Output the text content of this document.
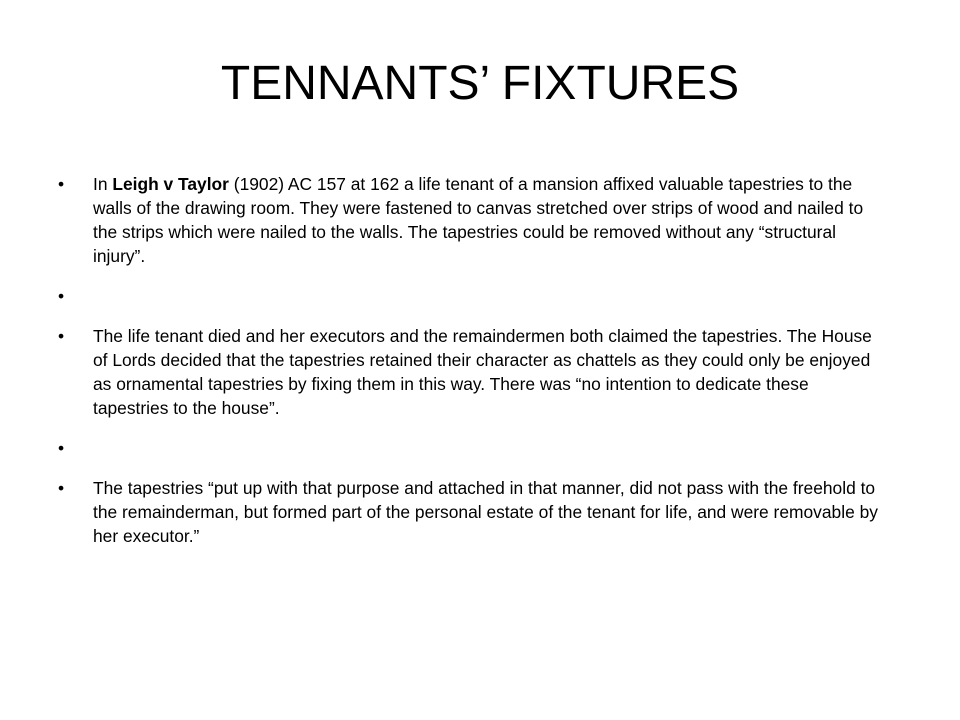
TENNANTS’ FIXTURES
• In Leigh v Taylor (1902) AC 157 at 162 a life tenant of a mansion affixed valuable tapestries to the walls of the drawing room. They were fastened to canvas stretched over strips of wood and nailed to the strips which were nailed to the walls. The tapestries could be removed without any “structural injury”.
•
• The life tenant died and her executors and the remaindermen both claimed the tapestries. The House of Lords decided that the tapestries retained their character as chattels as they could only be enjoyed as ornamental tapestries by fixing them in this way. There was “no intention to dedicate these tapestries to the house”.
•
• The tapestries “put up with that purpose and attached in that manner, did not pass with the freehold to the remainderman, but formed part of the personal estate of the tenant for life, and were removable by her executor.”
